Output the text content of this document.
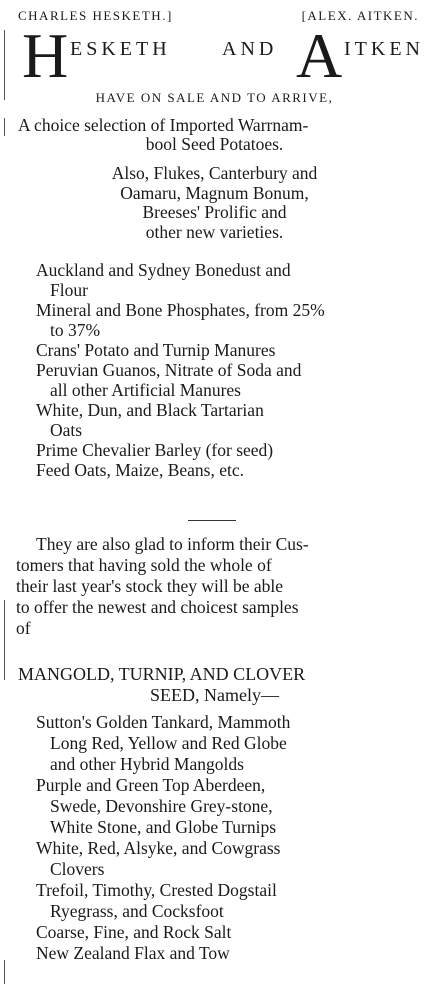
CHARLES HESKETH.]	[ALEX. AITKEN.
H ESKETH	AND A ITKEN
HAVE ON SALE AND TO ARRIVE,
A choice selection of Imported Warrnam-
bool Seed Potatoes.
Also, Flukes, Canterbury and
Oamaru, Magnum Bonum,
Breeses' Prolific and
other new varieties.
Auckland and Sydney Bonedust and
Flour
Mineral and Bone Phosphates, from 25%
to 37%
Crans' Potato and Turnip Manures
Peruvian Guanos, Nitrate of Soda and
all other Artificial Manures
White, Dun, and Black Tartarian
Oats
Prime Chevalier Barley (for seed)
Feed Oats, Maize, Beans, etc.
They are also glad to inform their Cus-
tomers that having sold the whole of
their last year's stock they will be able
to offer the newest and choicest samples
of
MANGOLD, TURNIP, AND CLOVER
SEED, Namely—
Sutton's Golden Tankard, Mammoth
Long Red, Yellow and Red Globe
and other Hybrid Mangolds
Purple and Green Top Aberdeen,
Swede, Devonshire Grey-stone,
White Stone, and Globe Turnips
White, Red, Alsyke, and Cowgrass
Clovers
Trefoil, Timothy, Crested Dogstail
Ryegrass, and Cocksfoot
Coarse, Fine, and Rock Salt
New Zealand Flax and Tow
